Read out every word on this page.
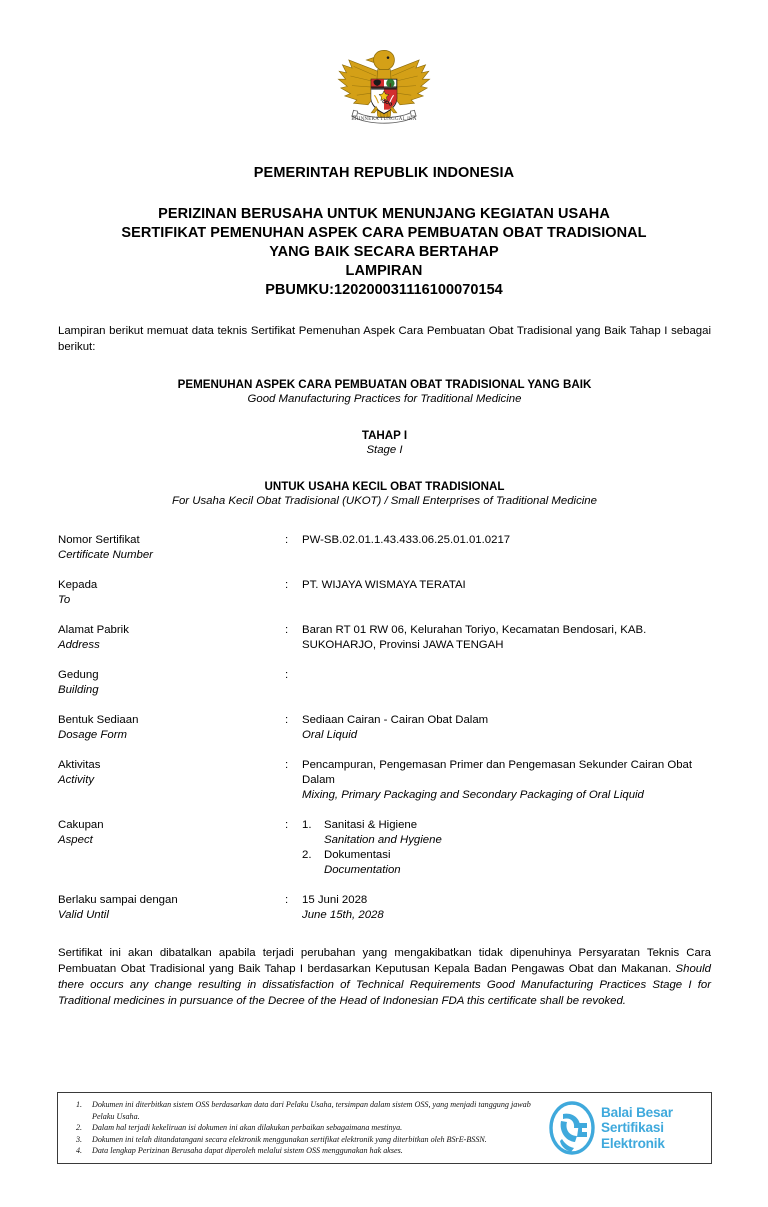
BHINNEKA TUNGGAL IKA
PEMERINTAH REPUBLIK INDONESIA
PERIZINAN BERUSAHA UNTUK MENUNJANG KEGIATAN USAHA
SERTIFIKAT PEMENUHAN ASPEK CARA PEMBUATAN OBAT TRADISIONAL
YANG BAIK SECARA BERTAHAP
LAMPIRAN
PBUMKU:120200031116100070154

Lampiran berikut memuat data teknis Sertifikat Pemenuhan Aspek Cara Pembuatan Obat Tradisional yang Baik Tahap I sebagai berikut:

PEMENUHAN ASPEK CARA PEMBUATAN OBAT TRADISIONAL YANG BAIK
Good Manufacturing Practices for Traditional Medicine
TAHAP I
Stage I
UNTUK USAHA KECIL OBAT TRADISIONAL
For Usaha Kecil Obat Tradisional (UKOT) / Small Enterprises of Traditional Medicine
Nomor Sertifikat
Certificate Number
:	PW-SB.02.01.1.43.433.06.25.01.01.0217
Kepada
To
:	PT. WIJAYA WISMAYA TERATAI
Alamat Pabrik
Address
:	Baran RT 01 RW 06, Kelurahan Toriyo, Kecamatan Bendosari, KAB. SUKOHARJO, Provinsi JAWA TENGAH
Gedung
Building
:
Bentuk Sediaan
Dosage Form
:	Sediaan Cairan - Cairan Obat Dalam
Oral Liquid
Aktivitas
Activity
:	Pencampuran, Pengemasan Primer dan Pengemasan Sekunder Cairan Obat Dalam
Mixing, Primary Packaging and Secondary Packaging of Oral Liquid
Cakupan
Aspect
:	1.	Sanitasi & Higiene
Sanitation and Hygiene
2.	Dokumentasi
Documentation
Berlaku sampai dengan
Valid Until
:	15 Juni 2028
June 15th, 2028

Sertifikat ini akan dibatalkan apabila terjadi perubahan yang mengakibatkan tidak dipenuhinya Persyaratan Teknis Cara Pembuatan Obat Tradisional yang Baik Tahap I berdasarkan Keputusan Kepala Badan Pengawas Obat dan Makanan. Should there occurs any change resulting in dissatisfaction of Technical Requirements Good Manufacturing Practices Stage I for Traditional medicines in pursuance of the Decree of the Head of Indonesian FDA this certificate shall be revoked.

1.	Dokumen ini diterbitkan sistem OSS berdasarkan data dari Pelaku Usaha, tersimpan dalam sistem OSS, yang menjadi tanggung jawab Pelaku Usaha.
2.	Dalam hal terjadi kekeliruan isi dokumen ini akan dilakukan perbaikan sebagaimana mestinya.
3.	Dokumen ini telah ditandatangani secara elektronik menggunakan sertifikat elektronik yang diterbitkan oleh BSrE-BSSN.
4.	Data lengkap Perizinan Berusaha dapat diperoleh melalui sistem OSS menggunakan hak akses.
Balai Besar
Sertifikasi
Elektronik
